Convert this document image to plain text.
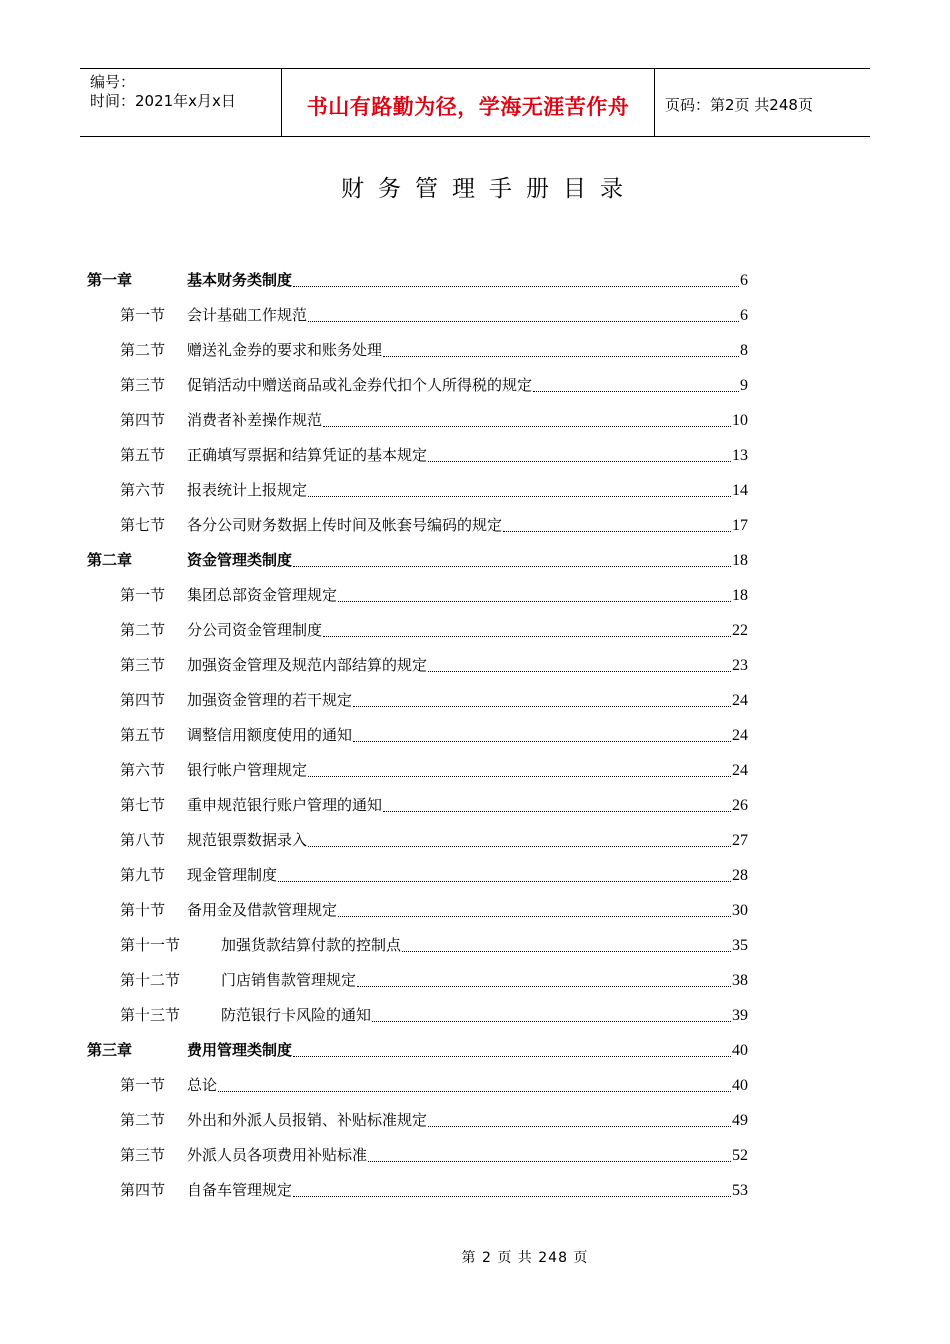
编号：
时间：2021年x月x日	书山有路勤为径，学海无涯苦作舟	页码：第2页 共248页
财务管理手册目录
第一章	基本财务类制度	6
第一节	会计基础工作规范	6
第二节	赠送礼金券的要求和账务处理	8
第三节	促销活动中赠送商品或礼金券代扣个人所得税的规定	9
第四节	消费者补差操作规范	10
第五节	正确填写票据和结算凭证的基本规定	13
第六节	报表统计上报规定	14
第七节	各分公司财务数据上传时间及帐套号编码的规定	17
第二章	资金管理类制度	18
第一节	集团总部资金管理规定	18
第二节	分公司资金管理制度	22
第三节	加强资金管理及规范内部结算的规定	23
第四节	加强资金管理的若干规定	24
第五节	调整信用额度使用的通知	24
第六节	银行帐户管理规定	24
第七节	重申规范银行账户管理的通知	26
第八节	规范银票数据录入	27
第九节	现金管理制度	28
第十节	备用金及借款管理规定	30
第十一节	加强货款结算付款的控制点	35
第十二节	门店销售款管理规定	38
第十三节	防范银行卡风险的通知	39
第三章	费用管理类制度	40
第一节	总论	40
第二节	外出和外派人员报销、补贴标准规定	49
第三节	外派人员各项费用补贴标准	52
第四节	自备车管理规定	53
第 2 页 共 248 页
